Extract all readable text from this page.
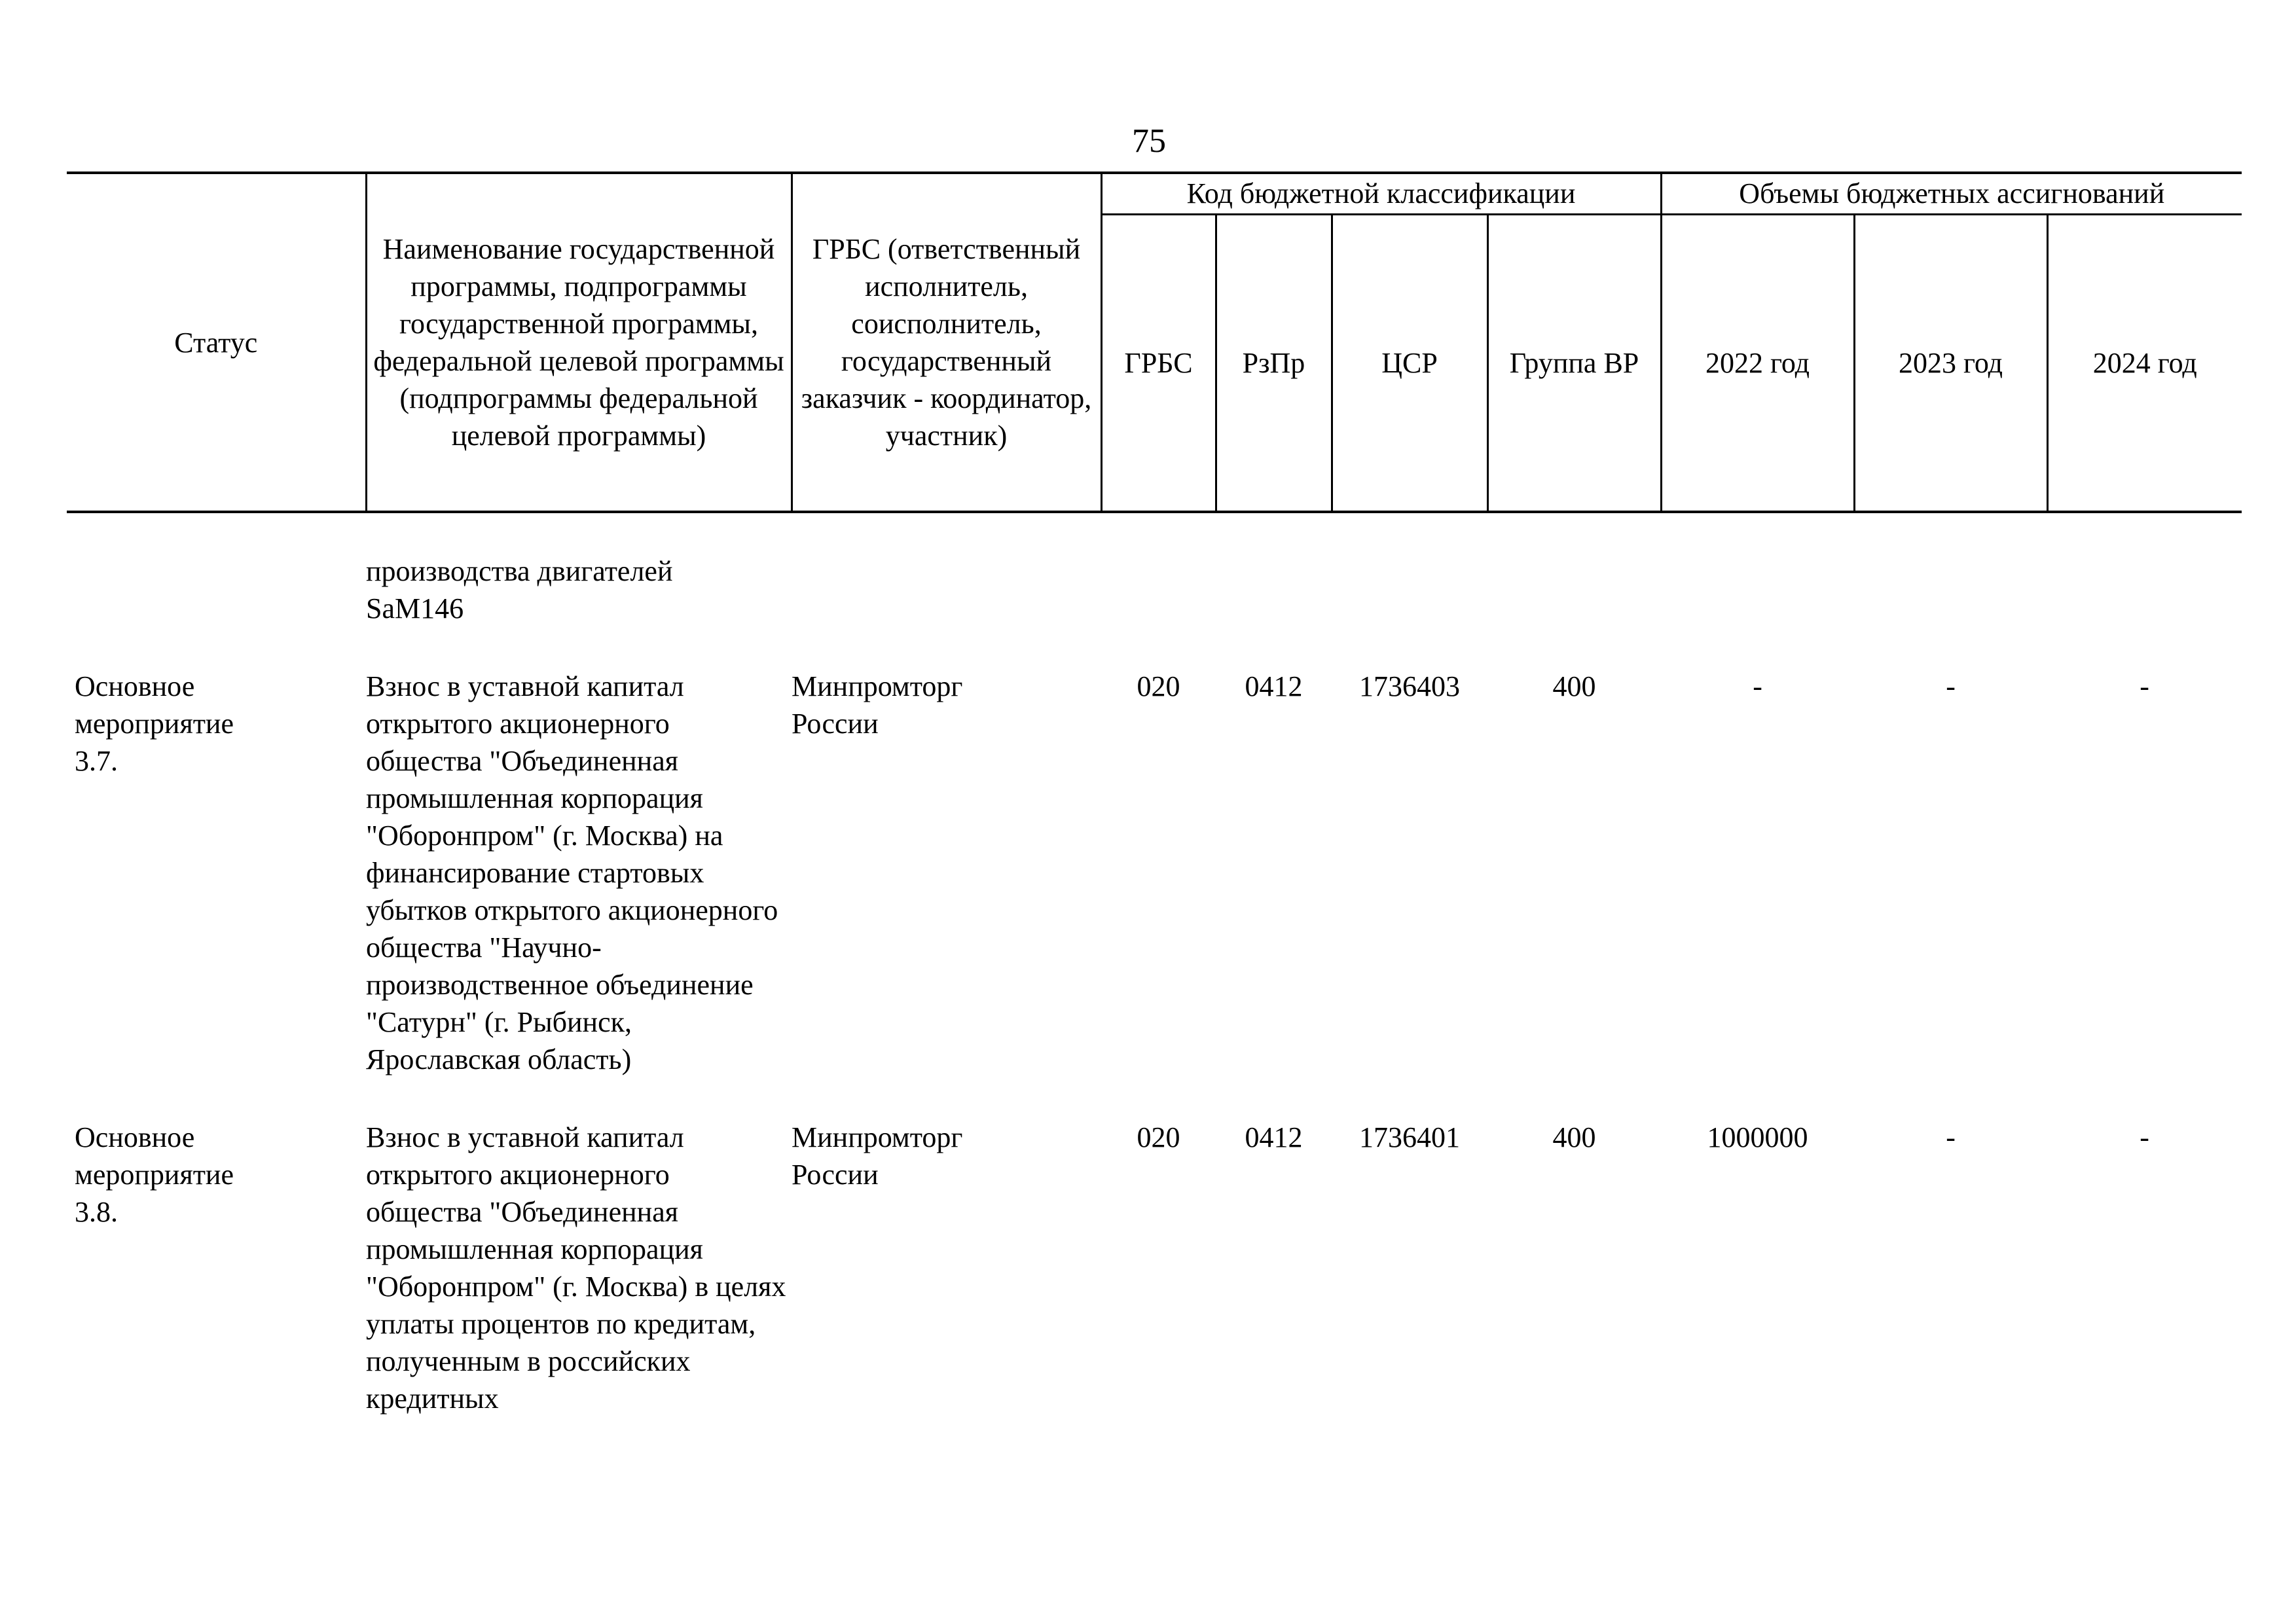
75
Статус	Наименование государственной программы, подпрограммы государственной программы, федеральной целевой программы (подпрограммы федеральной целевой программы)	ГРБС (ответственный исполнитель, соисполнитель, государственный заказчик - координатор, участник)	Код бюджетной классификации				Объемы бюджетных ассигнований		
			ГРБС	РзПр	ЦСР	Группа ВР	2022 год	2023 год	2024 год

	производства двигателей SaM146								

Основное мероприятие 3.7.	Взнос в уставной капитал открытого акционерного общества "Объединенная промышленная корпорация "Оборонпром" (г. Москва) на финансирование стартовых убытков открытого акционерного общества "Научно-производственное объединение "Сатурн" (г. Рыбинск, Ярославская область)	Минпромторг России	020	0412	1736403	400	-	-	-

Основное мероприятие 3.8.	Взнос в уставной капитал открытого акционерного общества "Объединенная промышленная корпорация "Оборонпром" (г. Москва) в целях уплаты процентов по кредитам, полученным в российских кредитных	Минпромторг России	020	0412	1736401	400	1000000	-	-
